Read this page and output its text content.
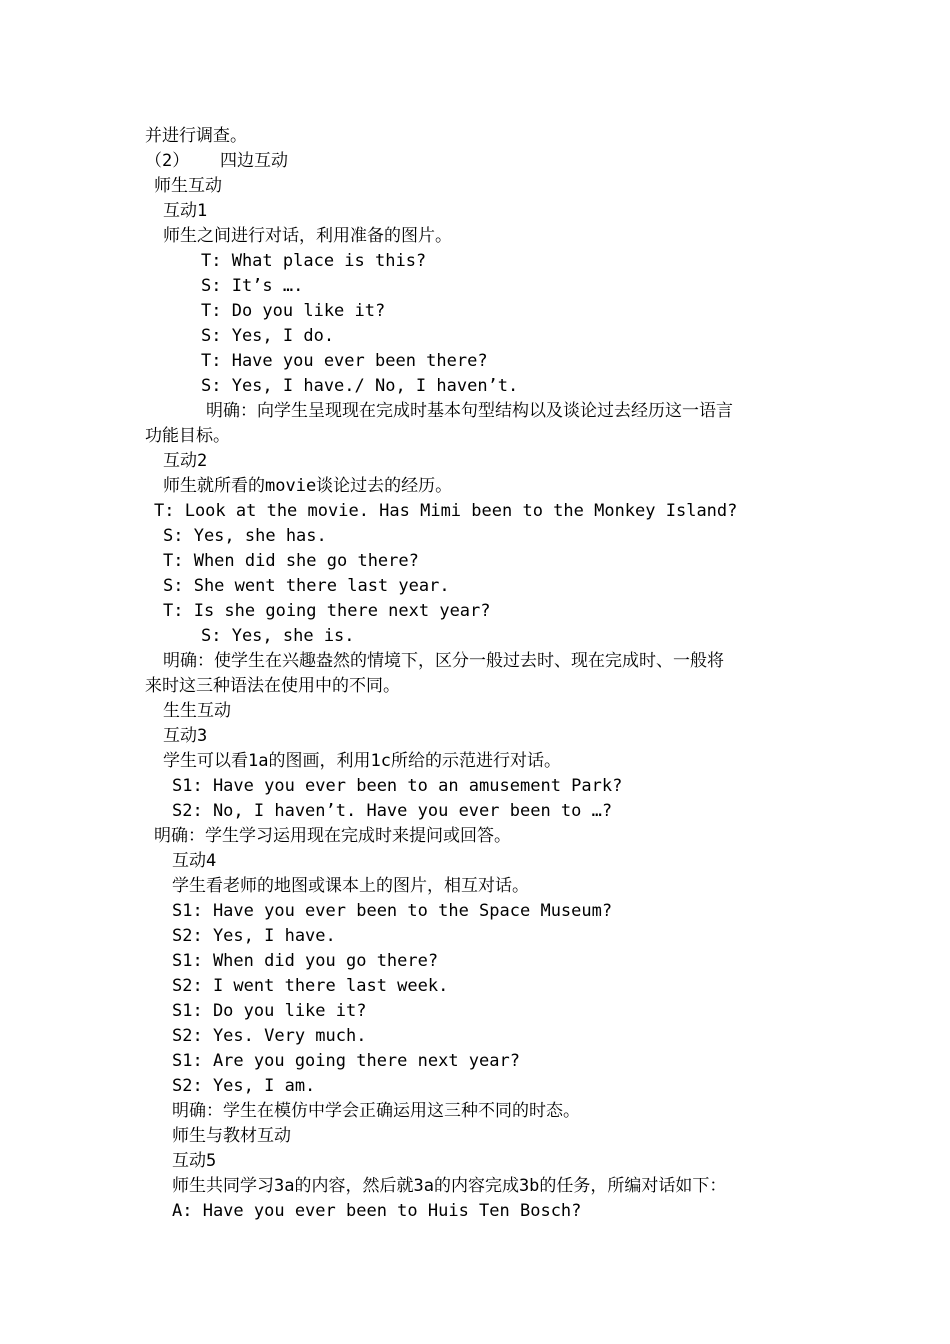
并进行调查。
（2）   四边互动
师生互动
互动1
师生之间进行对话，利用准备的图片。
T: What place is this?
S: It’s ….
T: Do you like it?
S: Yes, I do.
T: Have you ever been there?
S: Yes, I have./ No, I haven’t.
明确：向学生呈现现在完成时基本句型结构以及谈论过去经历这一语言
功能目标。
互动2
师生就所看的movie谈论过去的经历。
T: Look at the movie. Has Mimi been to the Monkey Island?
S: Yes, she has.
T: When did she go there?
S: She went there last year.
T: Is she going there next year?
S: Yes, she is.
明确：使学生在兴趣盎然的情境下，区分一般过去时、现在完成时、一般将
来时这三种语法在使用中的不同。
生生互动
互动3
学生可以看1a的图画，利用1c所给的示范进行对话。
S1: Have you ever been to an amusement Park?
S2: No, I haven’t. Have you ever been to …?
明确：学生学习运用现在完成时来提问或回答。
互动4
学生看老师的地图或课本上的图片，相互对话。
S1: Have you ever been to the Space Museum?
S2: Yes, I have.
S1: When did you go there?
S2: I went there last week.
S1: Do you like it?
S2: Yes. Very much.
S1: Are you going there next year?
S2: Yes, I am.
明确：学生在模仿中学会正确运用这三种不同的时态。
师生与教材互动
互动5
师生共同学习3a的内容，然后就3a的内容完成3b的任务，所编对话如下：
A: Have you ever been to Huis Ten Bosch?
